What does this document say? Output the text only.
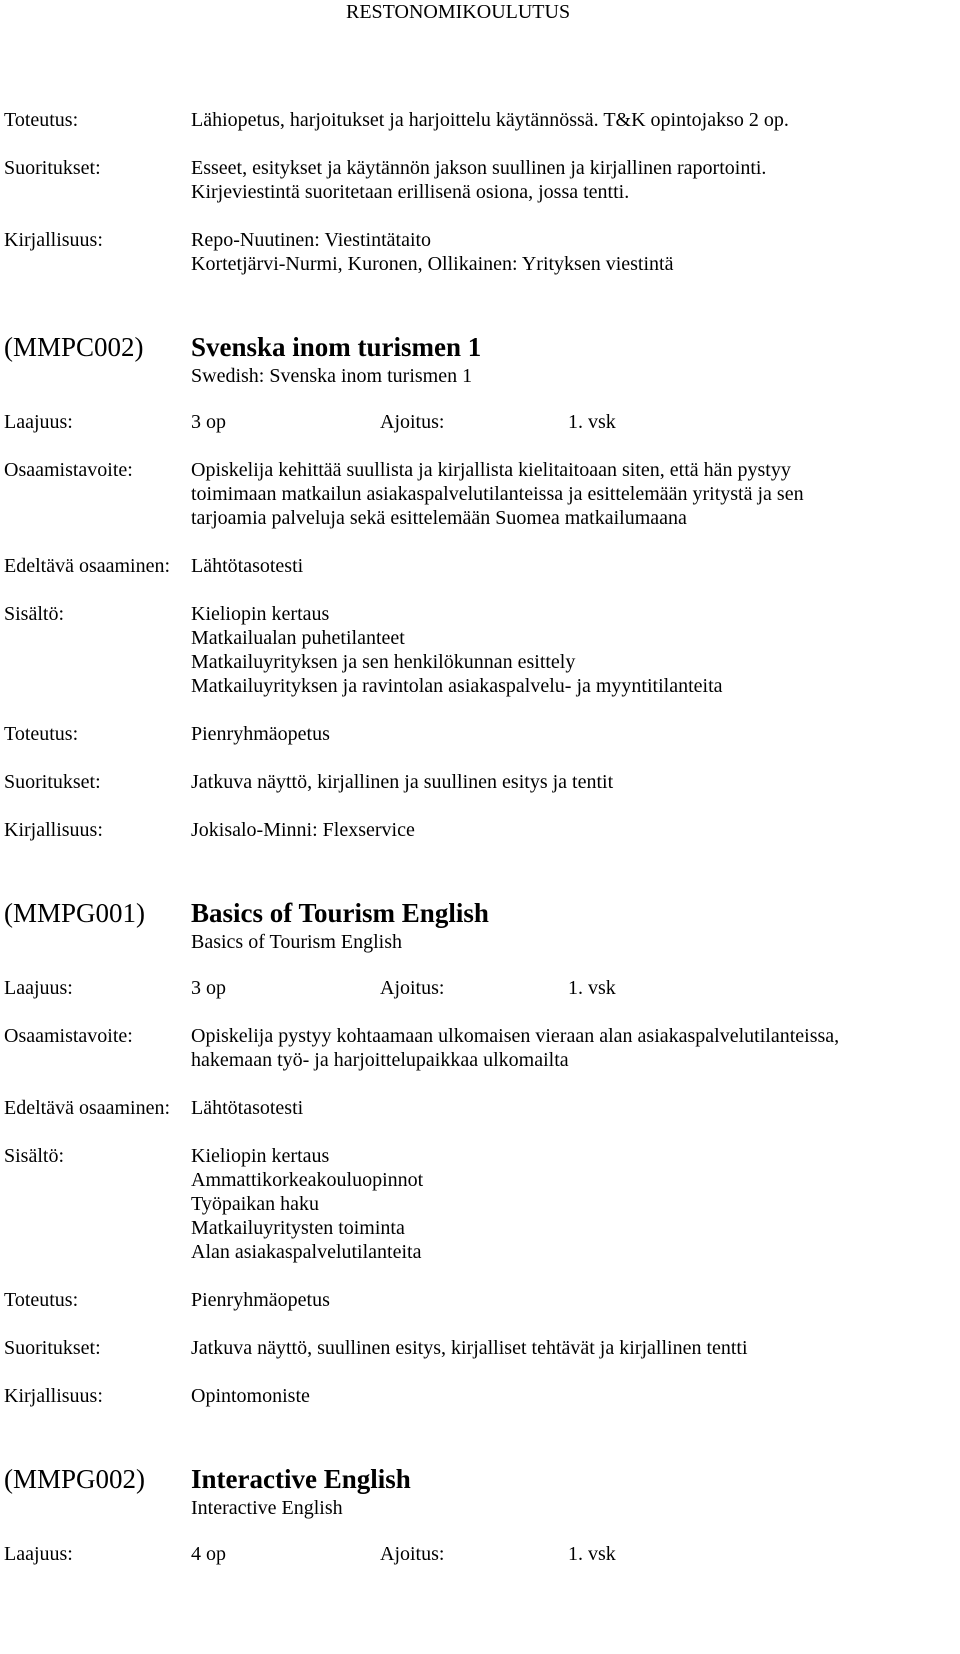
RESTONOMIKOULUTUS
Toteutus:	Lähiopetus, harjoitukset ja harjoittelu käytännössä. T&K opintojakso 2 op.
Suoritukset:	Esseet, esitykset ja käytännön jakson suullinen ja kirjallinen raportointi.
Kirjeviestintä suoritetaan erillisenä osiona, jossa tentti.
Kirjallisuus:	Repo-Nuutinen: Viestintätaito
Kortetjärvi-Nurmi, Kuronen, Ollikainen: Yrityksen viestintä
(MMPC002) Svenska inom turismen 1
Swedish: Svenska inom turismen 1
Laajuus:	3 op	Ajoitus:	1. vsk
Osaamistavoite:	Opiskelija kehittää suullista ja kirjallista kielitaitoaan siten, että hän pystyy
toimimaan matkailun asiakaspalvelutilanteissa ja esittelemään yritystä ja sen
tarjoamia palveluja sekä esittelemään Suomea matkailumaana
Edeltävä osaaminen: Lähtötasotesti
Sisältö:	Kieliopin kertaus
Matkailualan puhetilanteet
Matkailuyrityksen ja sen henkilökunnan esittely
Matkailuyrityksen ja ravintolan asiakaspalvelu- ja myyntitilanteita
Toteutus:	Pienryhmäopetus
Suoritukset:	Jatkuva näyttö, kirjallinen ja suullinen esitys ja tentit
Kirjallisuus:	Jokisalo-Minni: Flexservice
(MMPG001) Basics of Tourism English
Basics of Tourism English
Laajuus:	3 op	Ajoitus:	1. vsk
Osaamistavoite:	Opiskelija pystyy kohtaamaan ulkomaisen vieraan alan asiakaspalvelutilanteissa,
hakemaan työ- ja harjoittelupaikkaa ulkomailta
Edeltävä osaaminen: Lähtötasotesti
Sisältö:	Kieliopin kertaus
Ammattikorkeakouluopinnot
Työpaikan haku
Matkailuyritysten toiminta
Alan asiakaspalvelutilanteita
Toteutus:	Pienryhmäopetus
Suoritukset:	Jatkuva näyttö, suullinen esitys, kirjalliset tehtävät ja kirjallinen tentti
Kirjallisuus:	Opintomoniste
(MMPG002) Interactive English
Interactive English
Laajuus:	4 op	Ajoitus:	1. vsk
